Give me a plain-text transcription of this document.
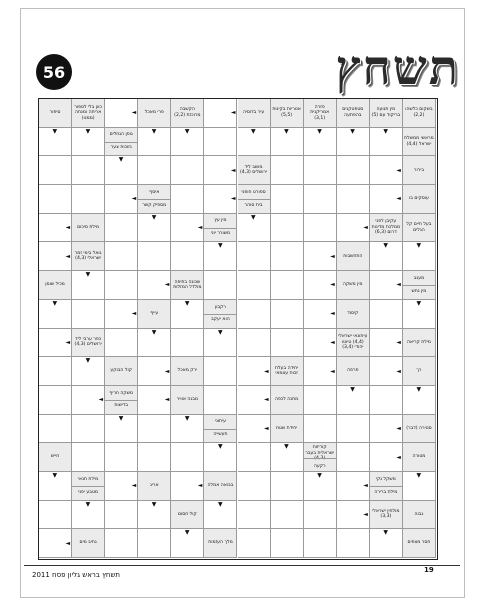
56	תשחץ
בשקום כלשהו (2,2)
מין תנועה בריקוד עם (5)
סטפטקנים בהפתעה
פזרה אמריקנית (3,1)
אטריות בקינות (5,5)
עיר בדוסיה
◄
הקשבה מרוכזת (2,2)
פרי מאכל
◄
כוון בלי לספור אריחה ומנחה (ממנו)
סיפור
מראשי ממשלת ישראל (4,4)
▼
▼
▼
▼
▼
▼
▼
גופן הגוזלים
נזוכות צער
▼
▼
בירור
◄
מושב ליד ירושלים (4,3)
◄
▼
עוסקים בו
◄
ספורט חופני
בית סוהר
◄
איסף
מספיק קשר
◄
בעל חיים קל הגלים
עקיבן לפני ממלכת מדינות דרום (6,3)
◄
▼
מין עץ
משורר יוני
◄
▼
מילת סיכום
◄
▼
▼
התחשבות
◄
▼
גואל בימי זמר ישראלי (4,3)
◄
מעגב
מין נחש
◄
מין משקה
◄
שכונה בתיפה מולדל המזלות
◄
▼
מכיל שומן
▼
קיסוד
◄
רקבון
הוא יעקב
▼
עייף
◄
▼
מילת קריאה
◄
עיתונאי ישראלי (4,4) טיוטו יהודי (3,4)
◄
▼
▼
כפר ערבי ליד ירושלים (4,3)
◄
רך
◄
פרפה
◄
יחידה בעלת זכות עצמאי
◄
ירק מאכל
◄
קול הבוקע
▼
▼
▼
מתנה לכפה
◄
מבנה אוויר
◄
משקה חריף
בדישות
◄
סטירה (דבר)
◄
יחידת שטח
◄
עיתוני
תעשייה
▼
▼
מטורה
◄
קוריזות ישראלית בעבר (4,3)
רקעה
▼
▼
חייש
▼
משקל נקי
מילת ברירה
◄
▼
בבואה אמלה
◄
אריג
◄
מילת תנאי
מטבע יפני
▼
גבוה
מולחין ישראלי (3,3)
◄
▼
קול חסום
▼
▼
חסר מצפים
▼
מלך העזמות
▼
נתיב מים
◄
תשחץ בראש גליון פסח 2011
19
